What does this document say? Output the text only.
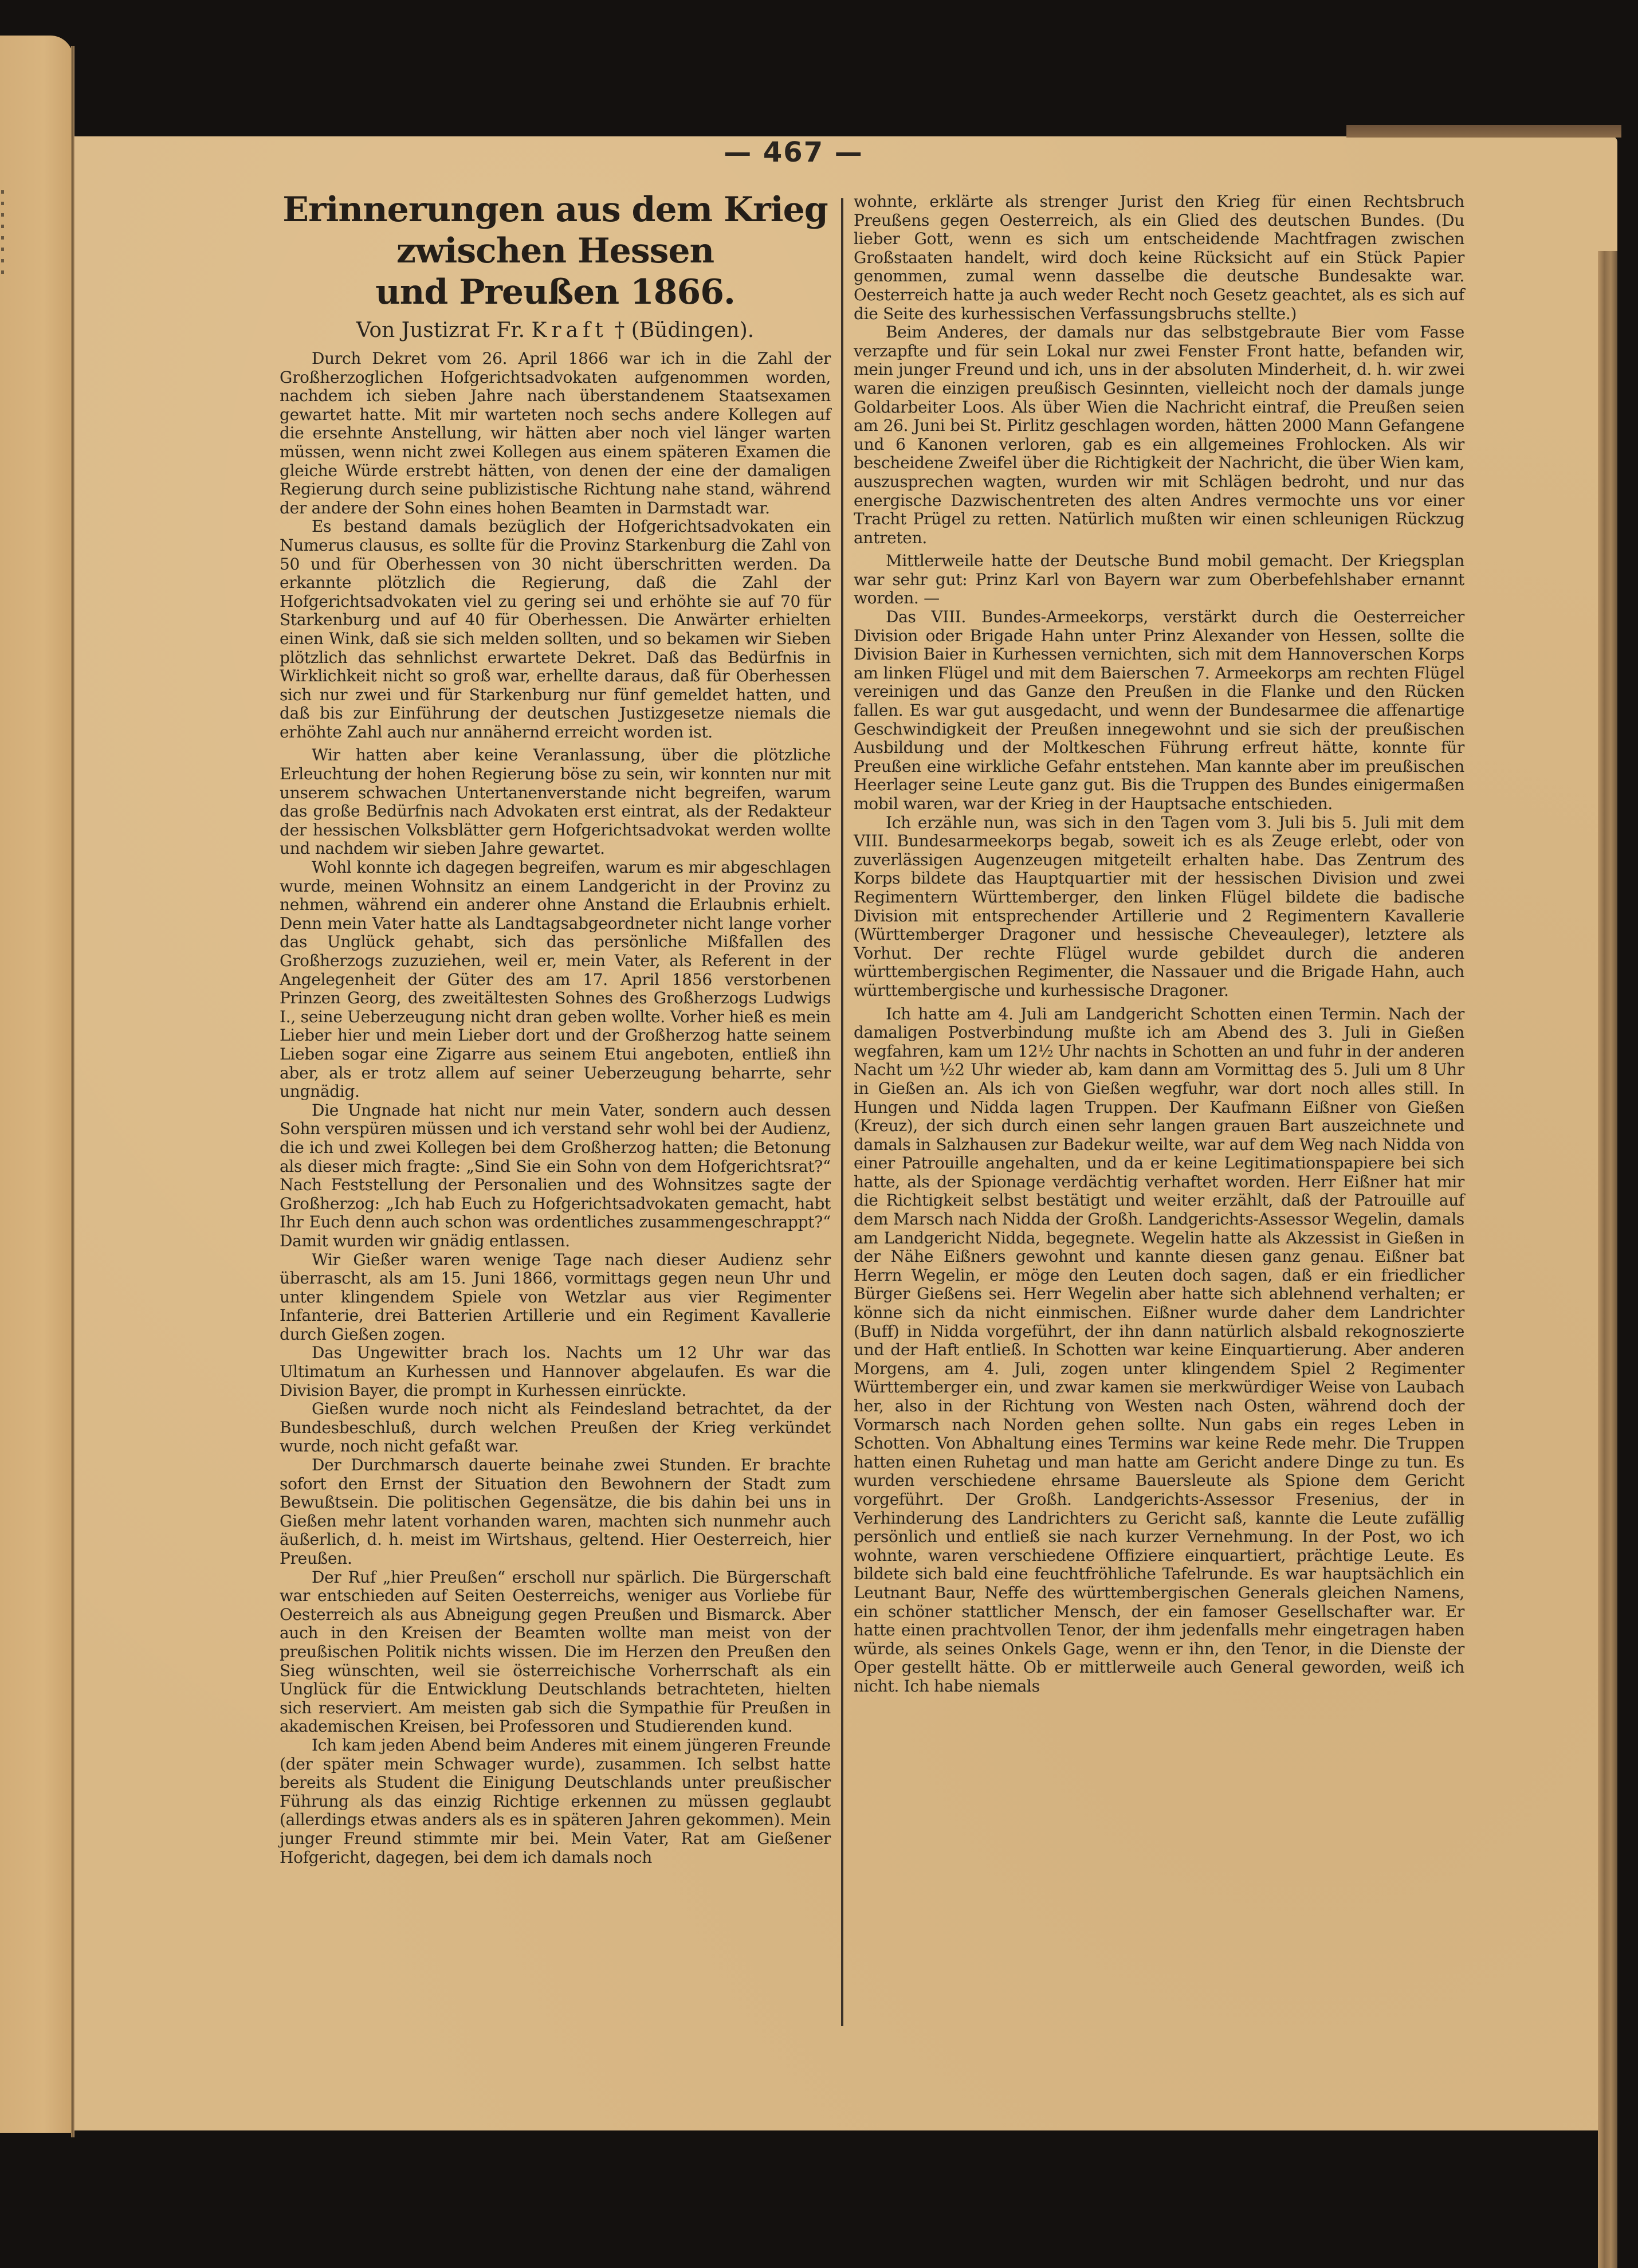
— 467 —
Erinnerungen aus dem Krieg zwischen Hessen
und Preußen 1866.
Von Justizrat Fr. Kraft † (Büdingen).

Durch Dekret vom 26. April 1866 war ich in die Zahl der Großherzoglichen Hofgerichtsadvokaten aufgenommen worden, nachdem ich sieben Jahre nach überstandenem Staatsexamen gewartet hatte. Mit mir warteten noch sechs andere Kollegen auf die ersehnte Anstellung, wir hätten aber noch viel länger warten müssen, wenn nicht zwei Kollegen aus einem späteren Examen die gleiche Würde erstrebt hätten, von denen der eine der damaligen Regierung durch seine publizistische Richtung nahe stand, während der andere der Sohn eines hohen Beamten in Darmstadt war.

Es bestand damals bezüglich der Hofgerichtsadvokaten ein Numerus clausus, es sollte für die Provinz Starkenburg die Zahl von 50 und für Oberhessen von 30 nicht überschritten werden. Da erkannte plötzlich die Regierung, daß die Zahl der Hofgerichtsadvokaten viel zu gering sei und erhöhte sie auf 70 für Starkenburg und auf 40 für Oberhessen. Die Anwärter erhielten einen Wink, daß sie sich melden sollten, und so bekamen wir Sieben plötzlich das sehnlichst erwartete Dekret. Daß das Bedürfnis in Wirklichkeit nicht so groß war, erhellte daraus, daß für Oberhessen sich nur zwei und für Starkenburg nur fünf gemeldet hatten, und daß bis zur Einführung der deutschen Justizgesetze niemals die erhöhte Zahl auch nur annähernd erreicht worden ist.

Wir hatten aber keine Veranlassung, über die plötzliche Erleuchtung der hohen Regierung böse zu sein, wir konnten nur mit unserem schwachen Untertanenverstande nicht begreifen, warum das große Bedürfnis nach Advokaten erst eintrat, als der Redakteur der hessischen Volksblätter gern Hofgerichtsadvokat werden wollte und nachdem wir sieben Jahre gewartet.

Wohl konnte ich dagegen begreifen, warum es mir abgeschlagen wurde, meinen Wohnsitz an einem Landgericht in der Provinz zu nehmen, während ein anderer ohne Anstand die Erlaubnis erhielt. Denn mein Vater hatte als Landtagsabgeordneter nicht lange vorher das Unglück gehabt, sich das persönliche Mißfallen des Großherzogs zuzuziehen, weil er, mein Vater, als Referent in der Angelegenheit der Güter des am 17. April 1856 verstorbenen Prinzen Georg, des zweitältesten Sohnes des Großherzogs Ludwigs I., seine Ueberzeugung nicht dran geben wollte. Vorher hieß es mein Lieber hier und mein Lieber dort und der Großherzog hatte seinem Lieben sogar eine Zigarre aus seinem Etui angeboten, entließ ihn aber, als er trotz allem auf seiner Ueberzeugung beharrte, sehr ungnädig.

Die Ungnade hat nicht nur mein Vater, sondern auch dessen Sohn verspüren müssen und ich verstand sehr wohl bei der Audienz, die ich und zwei Kollegen bei dem Großherzog hatten; die Betonung als dieser mich fragte: „Sind Sie ein Sohn von dem Hofgerichtsrat?“ Nach Feststellung der Personalien und des Wohnsitzes sagte der Großherzog: „Ich hab Euch zu Hofgerichtsadvokaten gemacht, habt Ihr Euch denn auch schon was ordentliches zusammengeschrappt?“ Damit wurden wir gnädig entlassen.

Wir Gießer waren wenige Tage nach dieser Audienz sehr überrascht, als am 15. Juni 1866, vormittags gegen neun Uhr und unter klingendem Spiele von Wetzlar aus vier Regimenter Infanterie, drei Batterien Artillerie und ein Regiment Kavallerie durch Gießen zogen.

Das Ungewitter brach los. Nachts um 12 Uhr war das Ultimatum an Kurhessen und Hannover abgelaufen. Es war die Division Bayer, die prompt in Kurhessen einrückte.

Gießen wurde noch nicht als Feindesland betrachtet, da der Bundesbeschluß, durch welchen Preußen der Krieg verkündet wurde, noch nicht gefaßt war.

Der Durchmarsch dauerte beinahe zwei Stunden. Er brachte sofort den Ernst der Situation den Bewohnern der Stadt zum Bewußtsein. Die politischen Gegensätze, die bis dahin bei uns in Gießen mehr latent vorhanden waren, machten sich nunmehr auch äußerlich, d. h. meist im Wirtshaus, geltend. Hier Oesterreich, hier Preußen.

Der Ruf „hier Preußen“ erscholl nur spärlich. Die Bürgerschaft war entschieden auf Seiten Oesterreichs, weniger aus Vorliebe für Oesterreich als aus Abneigung gegen Preußen und Bismarck. Aber auch in den Kreisen der Beamten wollte man meist von der preußischen Politik nichts wissen. Die im Herzen den Preußen den Sieg wünschten, weil sie österreichische Vorherrschaft als ein Unglück für die Entwicklung Deutschlands betrachteten, hielten sich reserviert. Am meisten gab sich die Sympathie für Preußen in akademischen Kreisen, bei Professoren und Studierenden kund.

Ich kam jeden Abend beim Anderes mit einem jüngeren Freunde (der später mein Schwager wurde), zusammen. Ich selbst hatte bereits als Student die Einigung Deutschlands unter preußischer Führung als das einzig Richtige erkennen zu müssen geglaubt (allerdings etwas anders als es in späteren Jahren gekommen). Mein junger Freund stimmte mir bei. Mein Vater, Rat am Gießener Hofgericht, dagegen, bei dem ich damals noch

wohnte, erklärte als strenger Jurist den Krieg für einen Rechtsbruch Preußens gegen Oesterreich, als ein Glied des deutschen Bundes. (Du lieber Gott, wenn es sich um entscheidende Machtfragen zwischen Großstaaten handelt, wird doch keine Rücksicht auf ein Stück Papier genommen, zumal wenn dasselbe die deutsche Bundesakte war. Oesterreich hatte ja auch weder Recht noch Gesetz geachtet, als es sich auf die Seite des kurhessischen Verfassungsbruchs stellte.)

Beim Anderes, der damals nur das selbstgebraute Bier vom Fasse verzapfte und für sein Lokal nur zwei Fenster Front hatte, befanden wir, mein junger Freund und ich, uns in der absoluten Minderheit, d. h. wir zwei waren die einzigen preußisch Gesinnten, vielleicht noch der damals junge Goldarbeiter Loos. Als über Wien die Nachricht eintraf, die Preußen seien am 26. Juni bei St. Pirlitz geschlagen worden, hätten 2000 Mann Gefangene und 6 Kanonen verloren, gab es ein allgemeines Frohlocken. Als wir bescheidene Zweifel über die Richtigkeit der Nachricht, die über Wien kam, auszusprechen wagten, wurden wir mit Schlägen bedroht, und nur das energische Dazwischentreten des alten Andres vermochte uns vor einer Tracht Prügel zu retten. Natürlich mußten wir einen schleunigen Rückzug antreten.

Mittlerweile hatte der Deutsche Bund mobil gemacht. Der Kriegsplan war sehr gut: Prinz Karl von Bayern war zum Oberbefehlshaber ernannt worden. —

Das VIII. Bundes-Armeekorps, verstärkt durch die Oesterreicher Division oder Brigade Hahn unter Prinz Alexander von Hessen, sollte die Division Baier in Kurhessen vernichten, sich mit dem Hannoverschen Korps am linken Flügel und mit dem Baierschen 7. Armeekorps am rechten Flügel vereinigen und das Ganze den Preußen in die Flanke und den Rücken fallen. Es war gut ausgedacht, und wenn der Bundesarmee die affenartige Geschwindigkeit der Preußen innegewohnt und sie sich der preußischen Ausbildung und der Moltkeschen Führung erfreut hätte, konnte für Preußen eine wirkliche Gefahr entstehen. Man kannte aber im preußischen Heerlager seine Leute ganz gut. Bis die Truppen des Bundes einigermaßen mobil waren, war der Krieg in der Hauptsache entschieden.

Ich erzähle nun, was sich in den Tagen vom 3. Juli bis 5. Juli mit dem VIII. Bundesarmeekorps begab, soweit ich es als Zeuge erlebt, oder von zuverlässigen Augenzeugen mitgeteilt erhalten habe. Das Zentrum des Korps bildete das Hauptquartier mit der hessischen Division und zwei Regimentern Württemberger, den linken Flügel bildete die badische Division mit entsprechender Artillerie und 2 Regimentern Kavallerie (Württemberger Dragoner und hessische Cheveauleger), letztere als Vorhut. Der rechte Flügel wurde gebildet durch die anderen württembergischen Regimenter, die Nassauer und die Brigade Hahn, auch württembergische und kurhessische Dragoner.

Ich hatte am 4. Juli am Landgericht Schotten einen Termin. Nach der damaligen Postverbindung mußte ich am Abend des 3. Juli in Gießen wegfahren, kam um 12½ Uhr nachts in Schotten an und fuhr in der anderen Nacht um ½2 Uhr wieder ab, kam dann am Vormittag des 5. Juli um 8 Uhr in Gießen an. Als ich von Gießen wegfuhr, war dort noch alles still. In Hungen und Nidda lagen Truppen. Der Kaufmann Eißner von Gießen (Kreuz), der sich durch einen sehr langen grauen Bart auszeichnete und damals in Salzhausen zur Badekur weilte, war auf dem Weg nach Nidda von einer Patrouille angehalten, und da er keine Legitimationspapiere bei sich hatte, als der Spionage verdächtig verhaftet worden. Herr Eißner hat mir die Richtigkeit selbst bestätigt und weiter erzählt, daß der Patrouille auf dem Marsch nach Nidda der Großh. Landgerichts-Assessor Wegelin, damals am Landgericht Nidda, begegnete. Wegelin hatte als Akzessist in Gießen in der Nähe Eißners gewohnt und kannte diesen ganz genau. Eißner bat Herrn Wegelin, er möge den Leuten doch sagen, daß er ein friedlicher Bürger Gießens sei. Herr Wegelin aber hatte sich ablehnend verhalten; er könne sich da nicht einmischen. Eißner wurde daher dem Landrichter (Buff) in Nidda vorgeführt, der ihn dann natürlich alsbald rekognoszierte und der Haft entließ. In Schotten war keine Einquartierung. Aber anderen Morgens, am 4. Juli, zogen unter klingendem Spiel 2 Regimenter Württemberger ein, und zwar kamen sie merkwürdiger Weise von Laubach her, also in der Richtung von Westen nach Osten, während doch der Vormarsch nach Norden gehen sollte. Nun gabs ein reges Leben in Schotten. Von Abhaltung eines Termins war keine Rede mehr. Die Truppen hatten einen Ruhetag und man hatte am Gericht andere Dinge zu tun. Es wurden verschiedene ehrsame Bauersleute als Spione dem Gericht vorgeführt. Der Großh. Landgerichts-Assessor Fresenius, der in Verhinderung des Landrichters zu Gericht saß, kannte die Leute zufällig persönlich und entließ sie nach kurzer Vernehmung. In der Post, wo ich wohnte, waren verschiedene Offiziere einquartiert, prächtige Leute. Es bildete sich bald eine feuchtfröhliche Tafelrunde. Es war hauptsächlich ein Leutnant Baur, Neffe des württembergischen Generals gleichen Namens, ein schöner stattlicher Mensch, der ein famoser Gesellschafter war. Er hatte einen prachtvollen Tenor, der ihm jedenfalls mehr eingetragen haben würde, als seines Onkels Gage, wenn er ihn, den Tenor, in die Dienste der Oper gestellt hätte. Ob er mittlerweile auch General geworden, weiß ich nicht. Ich habe niemals
